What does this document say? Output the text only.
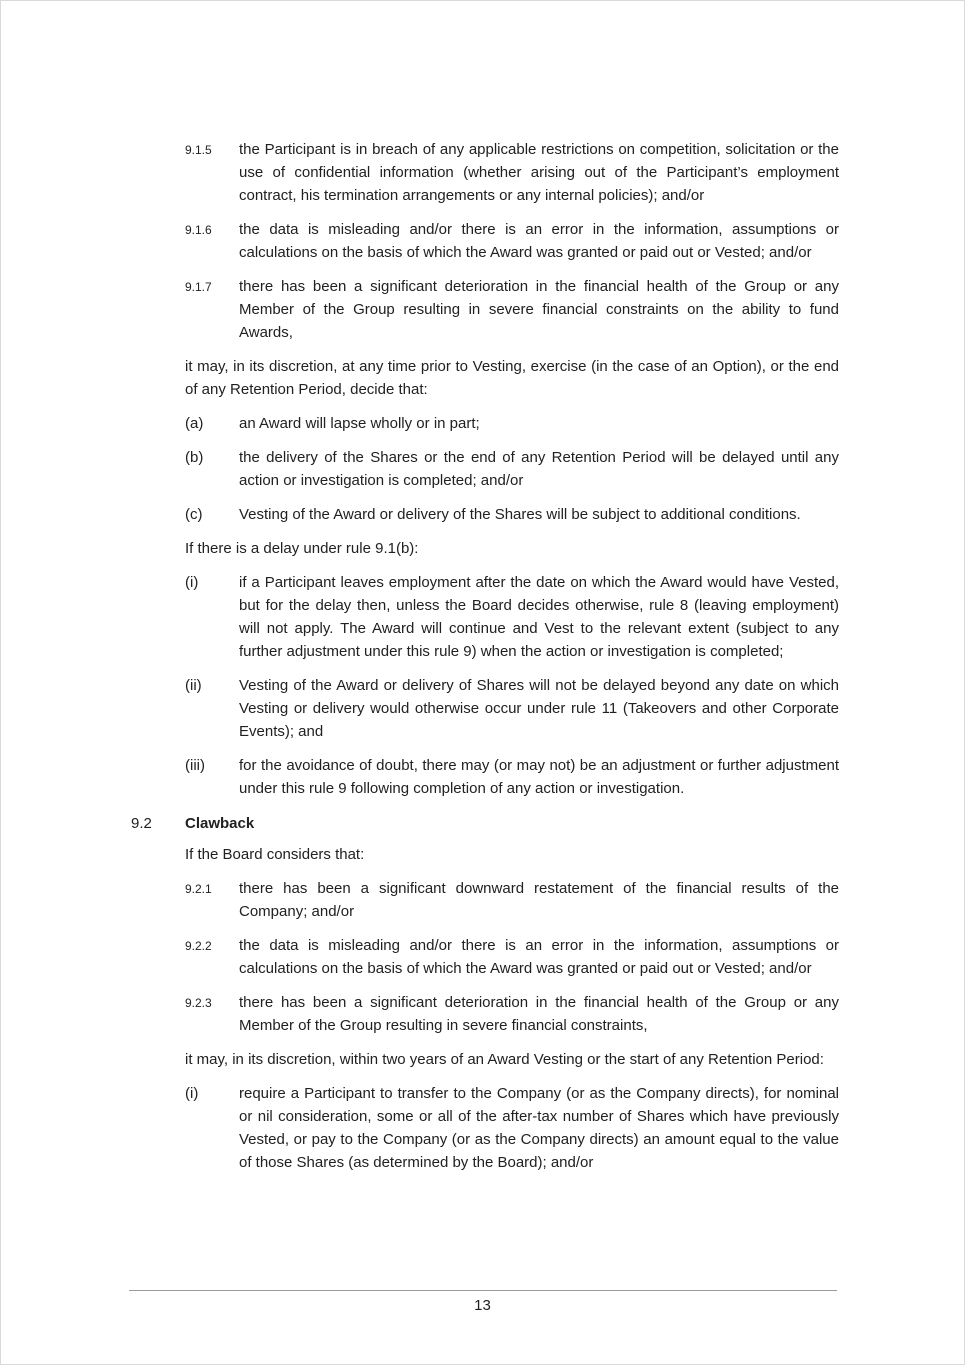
9.1.5	the Participant is in breach of any applicable restrictions on competition, solicitation or the use of confidential information (whether arising out of the Participant’s employment contract, his termination arrangements or any internal policies); and/or

9.1.6	the data is misleading and/or there is an error in the information, assumptions or calculations on the basis of which the Award was granted or paid out or Vested; and/or

9.1.7	there has been a significant deterioration in the financial health of the Group or any Member of the Group resulting in severe financial constraints on the ability to fund Awards,

it may, in its discretion, at any time prior to Vesting, exercise (in the case of an Option), or the end of any Retention Period, decide that:

(a)	an Award will lapse wholly or in part;

(b)	the delivery of the Shares or the end of any Retention Period will be delayed until any action or investigation is completed; and/or

(c)	Vesting of the Award or delivery of the Shares will be subject to additional conditions.

If there is a delay under rule 9.1(b):

(i)	if a Participant leaves employment after the date on which the Award would have Vested, but for the delay then, unless the Board decides otherwise, rule 8 (leaving employment) will not apply. The Award will continue and Vest to the relevant extent (subject to any further adjustment under this rule 9) when the action or investigation is completed;

(ii)	Vesting of the Award or delivery of Shares will not be delayed beyond any date on which Vesting or delivery would otherwise occur under rule 11 (Takeovers and other Corporate Events); and

(iii)	for the avoidance of doubt, there may (or may not) be an adjustment or further adjustment under this rule 9 following completion of any action or investigation.

9.2	Clawback

If the Board considers that:

9.2.1	there has been a significant downward restatement of the financial results of the Company; and/or

9.2.2	the data is misleading and/or there is an error in the information, assumptions or calculations on the basis of which the Award was granted or paid out or Vested; and/or

9.2.3	there has been a significant deterioration in the financial health of the Group or any Member of the Group resulting in severe financial constraints,

it may, in its discretion, within two years of an Award Vesting or the start of any Retention Period:

(i)	require a Participant to transfer to the Company (or as the Company directs), for nominal or nil consideration, some or all of the after-tax number of Shares which have previously Vested, or pay to the Company (or as the Company directs) an amount equal to the value of those Shares (as determined by the Board); and/or

13
